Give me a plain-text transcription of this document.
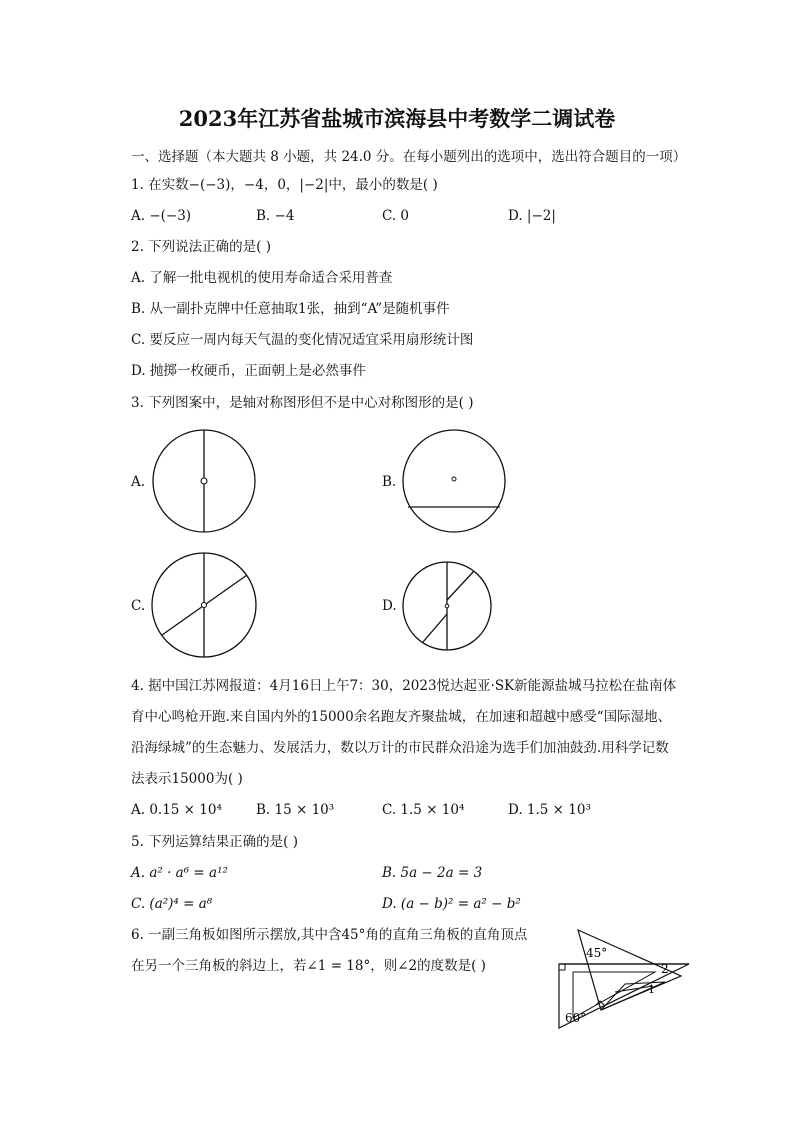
2023年江苏省盐城市滨海县中考数学二调试卷
一、选择题（本大题共 8 小题，共 24.0 分。在每小题列出的选项中，选出符合题目的一项）
1. 在实数−(−3)，−4，0，|−2|中，最小的数是( )
A. −(−3)	B. −4	C. 0	D. |−2|
2. 下列说法正确的是( )
A. 了解一批电视机的使用寿命适合采用普查
B. 从一副扑克牌中任意抽取1张，抽到“A”是随机事件
C. 要反应一周内每天气温的变化情况适宜采用扇形统计图
D. 抛掷一枚硬币，正面朝上是必然事件
3. 下列图案中，是轴对称图形但不是中心对称图形的是( )
A.	B.
C.	D.
4. 据中国江苏网报道：4月16日上午7：30，2023悦达起亚·SK新能源盐城马拉松在盐南体
育中心鸣枪开跑.来自国内外的15000余名跑友齐聚盐城，在加速和超越中感受“国际湿地、
沿海绿城”的生态魅力、发展活力，数以万计的市民群众沿途为选手们加油鼓劲.用科学记数
法表示15000为( )
A. 0.15 × 10⁴	B. 15 × 10³	C. 1.5 × 10⁴	D. 1.5 × 10³
5. 下列运算结果正确的是( )
A. a² · a⁶ = a¹²	B. 5a − 2a = 3
C. (a²)⁴ = a⁸	D. (a − b)² = a² − b²
6. 一副三角板如图所示摆放,其中含45°角的直角三角板的直角顶点
在另一个三角板的斜边上，若∠1 = 18°，则∠2的度数是( )
45°
60°
2
1
